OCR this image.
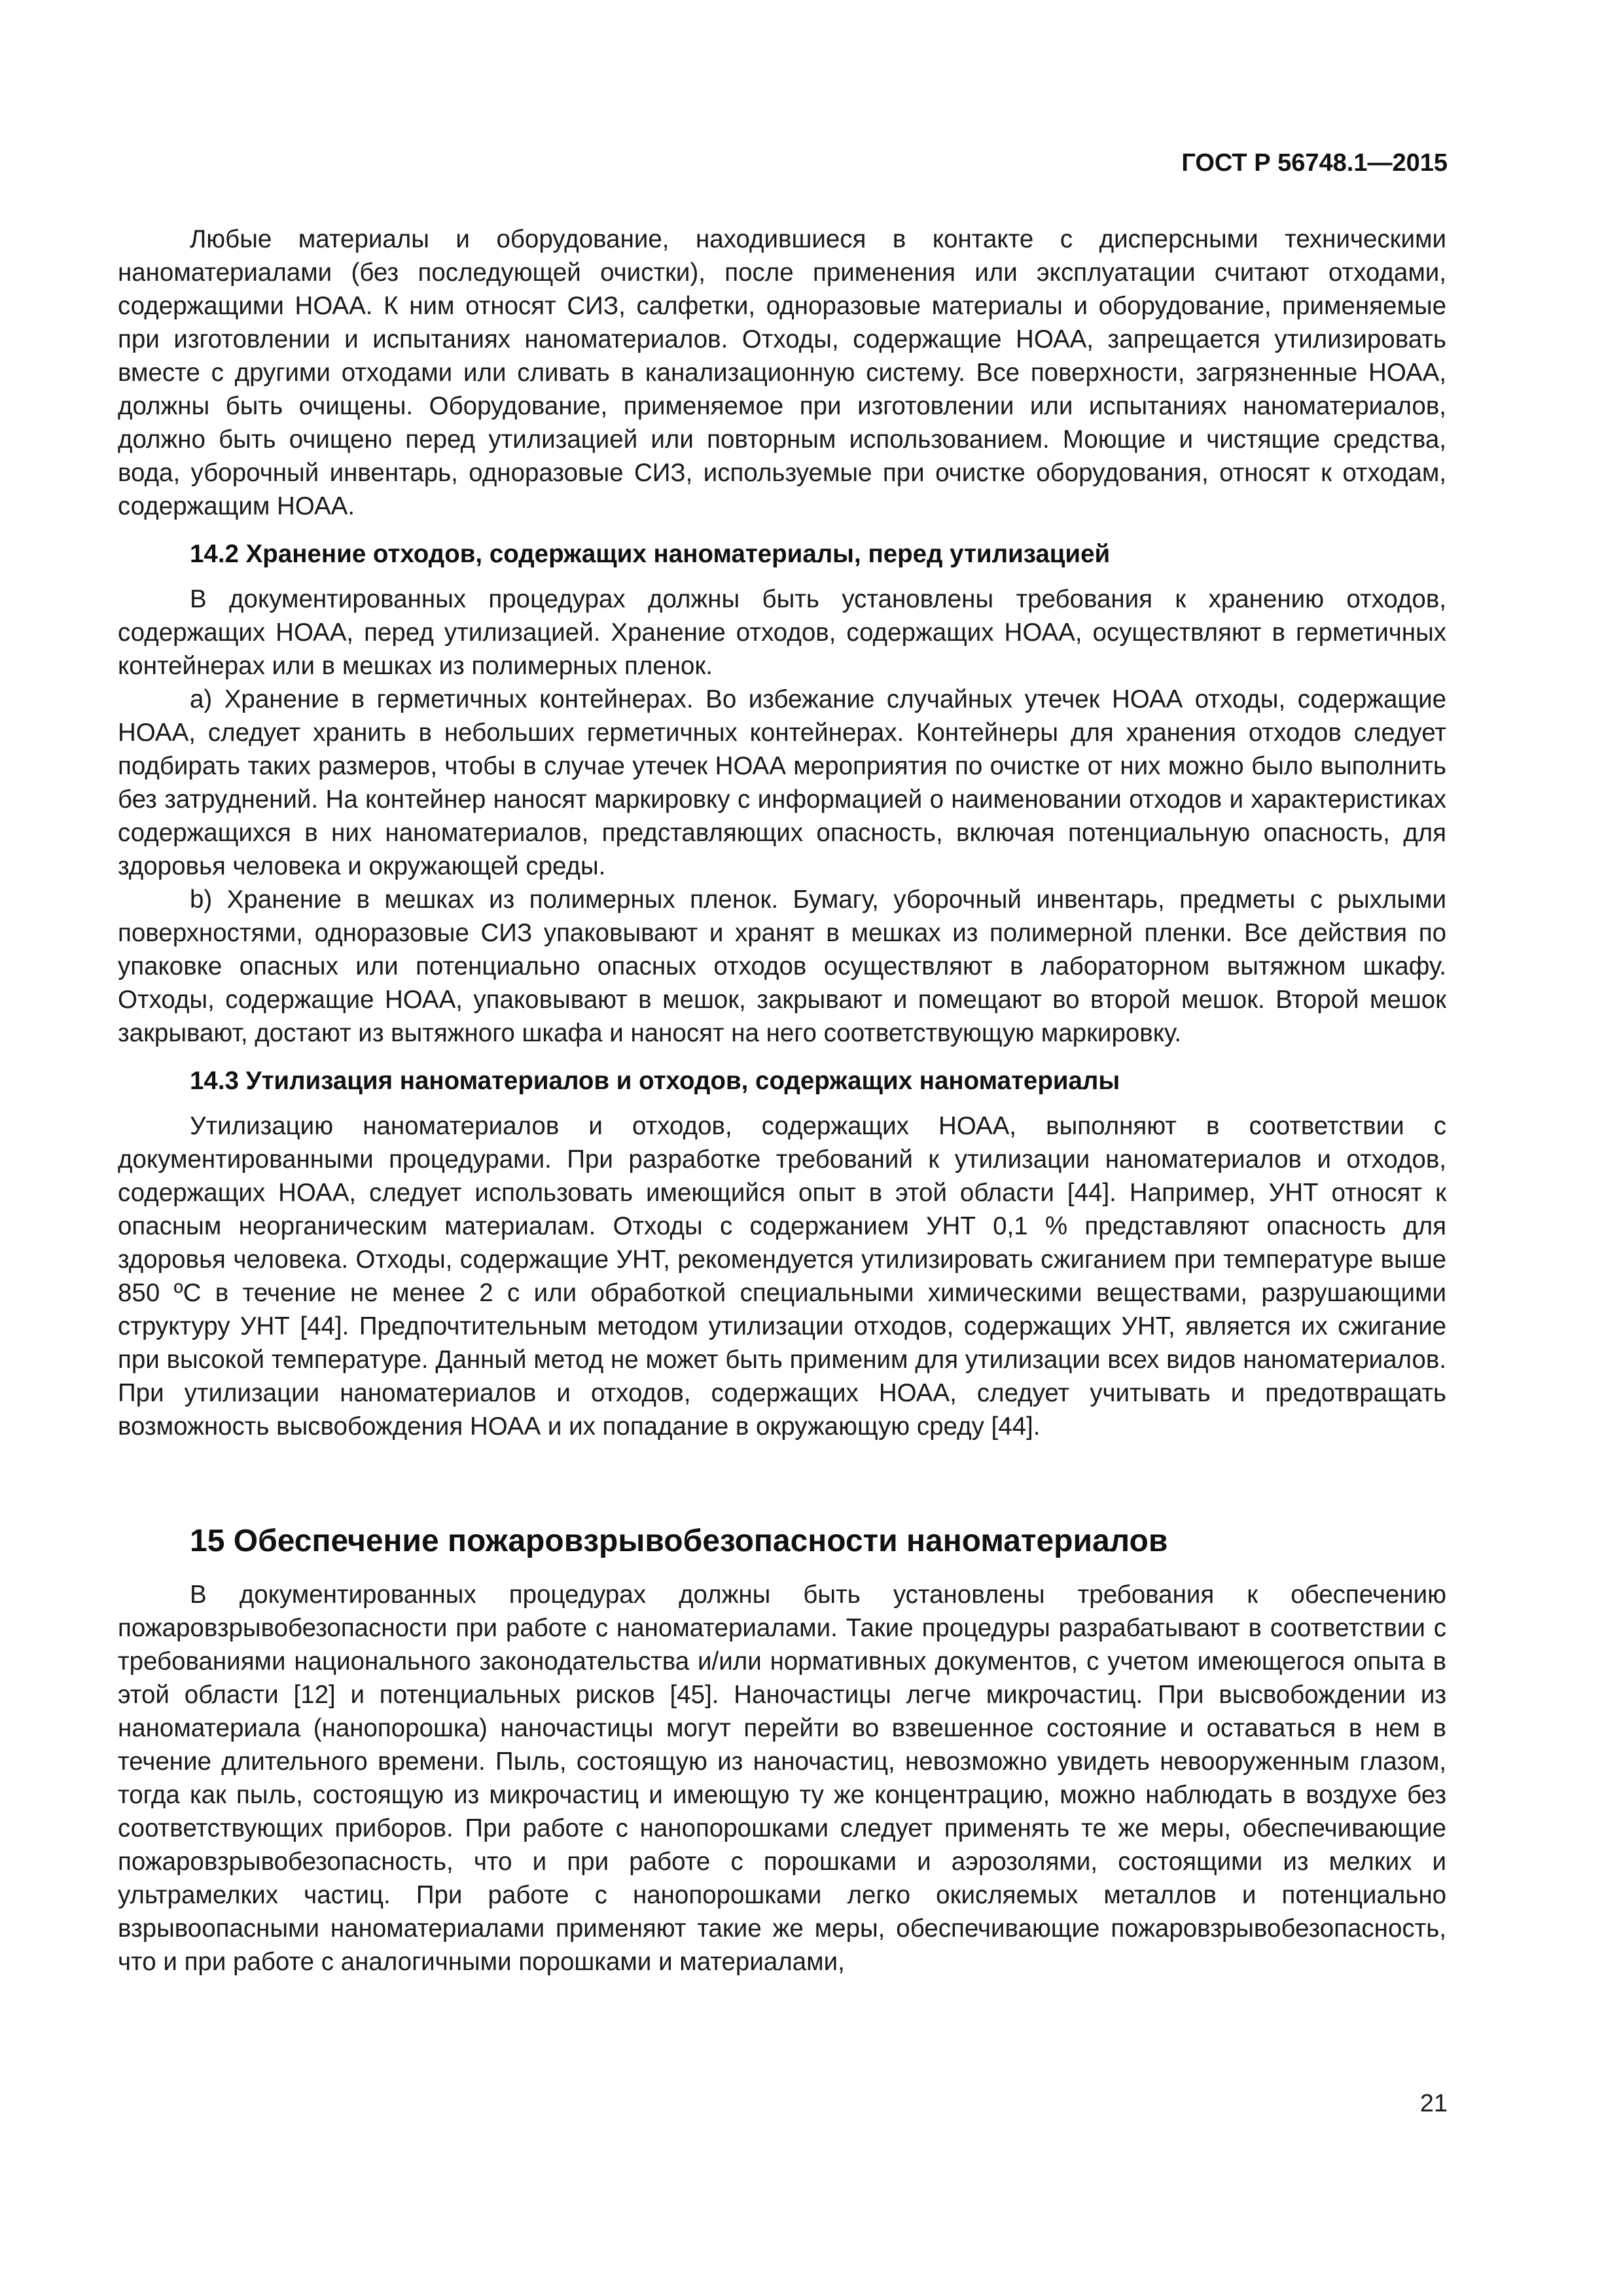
ГОСТ Р 56748.1—2015

Любые материалы и оборудование, находившиеся в контакте с дисперсными техническими наноматериалами (без последующей очистки), после применения или эксплуатации считают отходами, содержащими НОАА. К ним относят СИЗ, салфетки, одноразовые материалы и оборудование, применяемые при изготовлении и испытаниях наноматериалов. Отходы, содержащие НОАА, запрещается утилизировать вместе с другими отходами или сливать в канализационную систему. Все поверхности, загрязненные НОАА, должны быть очищены. Оборудование, применяемое при изготовлении или испытаниях наноматериалов, должно быть очищено перед утилизацией или повторным использованием. Моющие и чистящие средства, вода, уборочный инвентарь, одноразовые СИЗ, используемые при очистке оборудования, относят к отходам, содержащим НОАА.

14.2 Хранение отходов, содержащих наноматериалы, перед утилизацией

В документированных процедурах должны быть установлены требования к хранению отходов, содержащих НОАА, перед утилизацией. Хранение отходов, содержащих НОАА, осуществляют в герметичных контейнерах или в мешках из полимерных пленок.

a) Хранение в герметичных контейнерах. Во избежание случайных утечек НОАА отходы, содержащие НОАА, следует хранить в небольших герметичных контейнерах. Контейнеры для хранения отходов следует подбирать таких размеров, чтобы в случае утечек НОАА мероприятия по очистке от них можно было выполнить без затруднений. На контейнер наносят маркировку с информацией о наименовании отходов и характеристиках содержащихся в них наноматериалов, представляющих опасность, включая потенциальную опасность, для здоровья человека и окружающей среды.

b) Хранение в мешках из полимерных пленок. Бумагу, уборочный инвентарь, предметы с рыхлыми поверхностями, одноразовые СИЗ упаковывают и хранят в мешках из полимерной пленки. Все действия по упаковке опасных или потенциально опасных отходов осуществляют в лабораторном вытяжном шкафу. Отходы, содержащие НОАА, упаковывают в мешок, закрывают и помещают во второй мешок. Второй мешок закрывают, достают из вытяжного шкафа и наносят на него соответствующую маркировку.

14.3 Утилизация наноматериалов и отходов, содержащих наноматериалы

Утилизацию наноматериалов и отходов, содержащих НОАА, выполняют в соответствии с документированными процедурами. При разработке требований к утилизации наноматериалов и отходов, содержащих НОАА, следует использовать имеющийся опыт в этой области [44]. Например, УНТ относят к опасным неорганическим материалам. Отходы с содержанием УНТ 0,1 % представляют опасность для здоровья человека. Отходы, содержащие УНТ, рекомендуется утилизировать сжиганием при температуре выше 850 ºС в течение не менее 2 с или обработкой специальными химическими веществами, разрушающими структуру УНТ [44]. Предпочтительным методом утилизации отходов, содержащих УНТ, является их сжигание при высокой температуре. Данный метод не может быть применим для утилизации всех видов наноматериалов. При утилизации наноматериалов и отходов, содержащих НОАА, следует учитывать и предотвращать возможность высвобождения НОАА и их попадание в окружающую среду [44].

15 Обеспечение пожаровзрывобезопасности наноматериалов

В документированных процедурах должны быть установлены требования к обеспечению пожаровзрывобезопасности при работе с наноматериалами. Такие процедуры разрабатывают в соответствии с требованиями национального законодательства и/или нормативных документов, с учетом имеющегося опыта в этой области [12] и потенциальных рисков [45]. Наночастицы легче микрочастиц. При высвобождении из наноматериала (нанопорошка) наночастицы могут перейти во взвешенное состояние и оставаться в нем в течение длительного времени. Пыль, состоящую из наночастиц, невозможно увидеть невооруженным глазом, тогда как пыль, состоящую из микрочастиц и имеющую ту же концентрацию, можно наблюдать в воздухе без соответствующих приборов. При работе с нанопорошками следует применять те же меры, обеспечивающие пожаровзрывобезопасность, что и при работе с порошками и аэрозолями, состоящими из мелких и ультрамелких частиц. При работе с нанопорошками легко окисляемых металлов и потенциально взрывоопасными наноматериалами применяют такие же меры, обеспечивающие пожаровзрывобезопасность, что и при работе с аналогичными порошками и материалами,

21
